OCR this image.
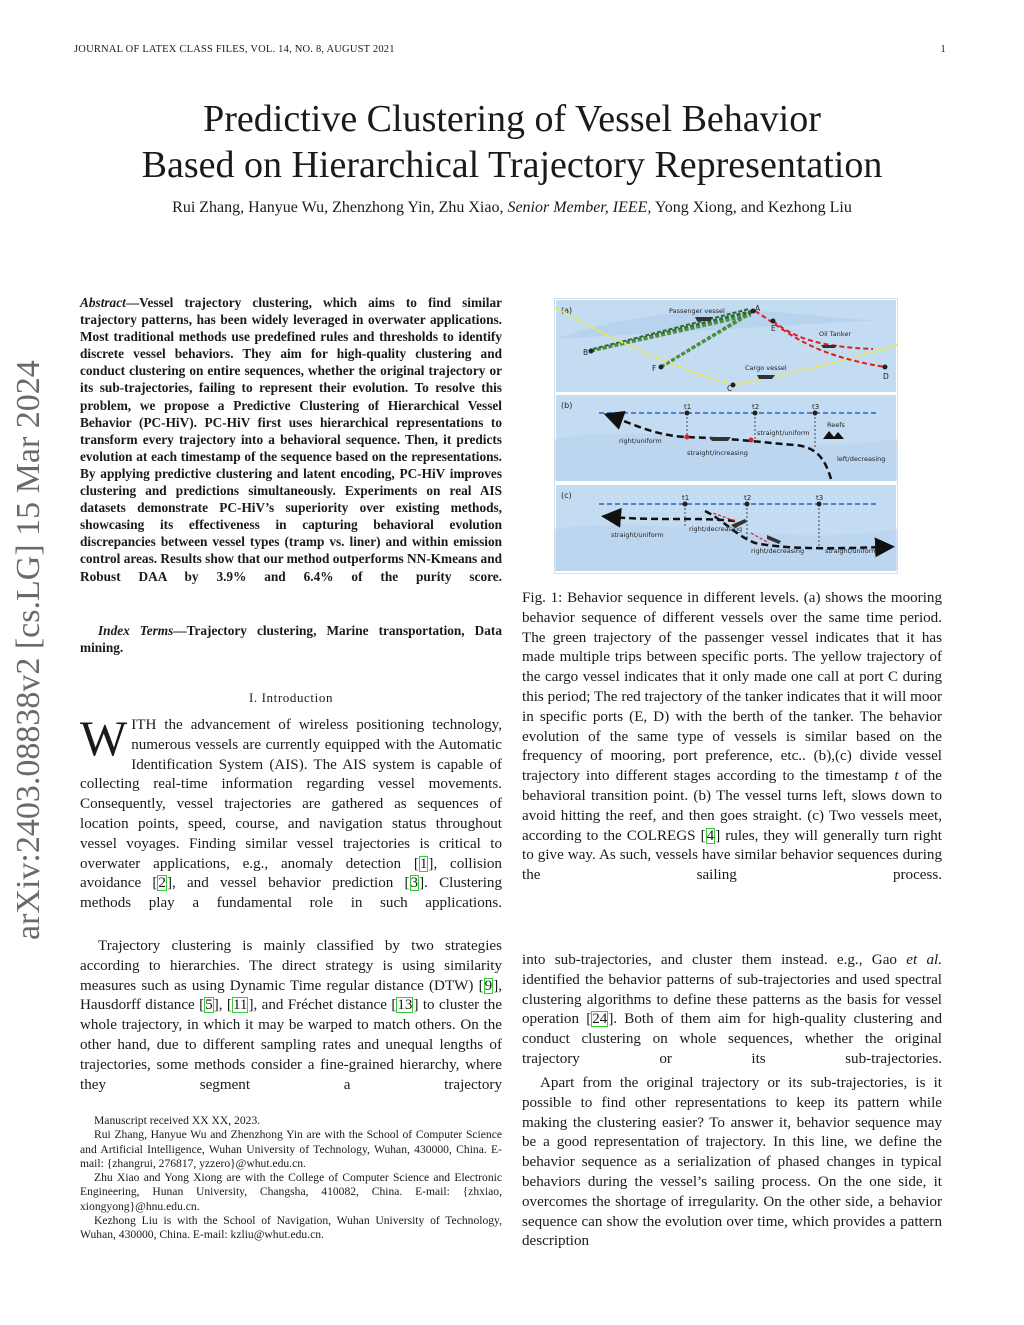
JOURNAL OF LATEX CLASS FILES, VOL. 14, NO. 8, AUGUST 2021	1
Predictive Clustering of Vessel Behavior
Based on Hierarchical Trajectory Representation
Rui Zhang, Hanyue Wu, Zhenzhong Yin, Zhu Xiao, Senior Member, IEEE, Yong Xiong, and Kezhong Liu
arXiv:2403.08838v2 [cs.LG] 15 Mar 2024

Abstract—Vessel trajectory clustering, which aims to find similar trajectory patterns, has been widely leveraged in overwater applications. Most traditional methods use predefined rules and thresholds to identify discrete vessel behaviors. They aim for high-quality clustering and conduct clustering on entire sequences, whether the original trajectory or its sub-trajectories, failing to represent their evolution. To resolve this problem, we propose a Predictive Clustering of Hierarchical Vessel Behavior (PC-HiV). PC-HiV first uses hierarchical representations to transform every trajectory into a behavioral sequence. Then, it predicts evolution at each timestamp of the sequence based on the representations. By applying predictive clustering and latent encoding, PC-HiV improves clustering and predictions simultaneously. Experiments on real AIS datasets demonstrate PC-HiV’s superiority over existing methods, showcasing its effectiveness in capturing behavioral evolution discrepancies between vessel types (tramp vs. liner) and within emission control areas. Results show that our method outperforms NN-Kmeans and Robust DAA by 3.9% and 6.4% of the purity score.

Index Terms—Trajectory clustering, Marine transportation, Data mining.

I. Introduction

WITH the advancement of wireless positioning technology, numerous vessels are currently equipped with the Automatic Identification System (AIS). The AIS system is capable of collecting real-time information regarding vessel movements. Consequently, vessel trajectories are gathered as sequences of location points, speed, course, and navigation status throughout vessel voyages. Finding similar vessel trajectories is critical to overwater applications, e.g., anomaly detection [1], collision avoidance [2], and vessel behavior prediction [3]. Clustering methods play a fundamental role in such applications.

Trajectory clustering is mainly classified by two strategies according to hierarchies. The direct strategy is using similarity measures such as using Dynamic Time regular distance (DTW) [9], Hausdorff distance [5], [11], and Fréchet distance [13] to cluster the whole trajectory, in which it may be warped to match others. On the other hand, due to different sampling rates and unequal lengths of trajectories, some methods consider a fine-grained hierarchy, where they segment a trajectory

Manuscript received XX XX, 2023.

Rui Zhang, Hanyue Wu and Zhenzhong Yin are with the School of Computer Science and Artificial Intelligence, Wuhan University of Technology, Wuhan, 430000, China. E-mail: {zhangrui, 276817, yzzero}@whut.edu.cn.

Zhu Xiao and Yong Xiong are with the College of Computer Science and Electronic Engineering, Hunan University, Changsha, 410082, China. E-mail: {zhxiao, xiongyong}@hnu.edu.cn.

Kezhong Liu is with the School of Navigation, Wuhan University of Technology, Wuhan, 430000, China. E-mail: kzliu@whut.edu.cn.

(a)
B
F
A
E
C
D
Passenger vessel
Oil Tanker
Cargo vessel
(b)	t1	t2	t3
Reefs
right/uniform
straight/uniform
straight/increasing
left/decreasing
(c)	t1	t2	t3
straight/uniform
right/decreasing
right/decreasing	straight/uniform

Fig. 1: Behavior sequence in different levels. (a) shows the mooring behavior sequence of different vessels over the same time period. The green trajectory of the passenger vessel indicates that it has made multiple trips between specific ports. The yellow trajectory of the cargo vessel indicates that it only made one call at port C during this period; The red trajectory of the tanker indicates that it will moor in specific ports (E, D) with the berth of the tanker. The behavior evolution of the same type of vessels is similar based on the frequency of mooring, port preference, etc.. (b),(c) divide vessel trajectory into different stages according to the timestamp t of the behavioral transition point. (b) The vessel turns left, slows down to avoid hitting the reef, and then goes straight. (c) Two vessels meet, according to the COLREGS [4] rules, they will generally turn right to give way. As such, vessels have similar behavior sequences during the sailing process.

into sub-trajectories, and cluster them instead. e.g., Gao et al. identified the behavior patterns of sub-trajectories and used spectral clustering algorithms to define these patterns as the basis for vessel operation [24]. Both of them aim for high-quality clustering and conduct clustering on whole sequences, whether the original trajectory or its sub-trajectories.

Apart from the original trajectory or its sub-trajectories, is it possible to find other representations to keep its pattern while making the clustering easier? To answer it, behavior sequence may be a good representation of trajectory. In this line, we define the behavior sequence as a serialization of phased changes in typical behaviors during the vessel’s sailing process. On the one side, it overcomes the shortage of irregularity. On the other side, a behavior sequence can show the evolution over time, which provides a pattern description
